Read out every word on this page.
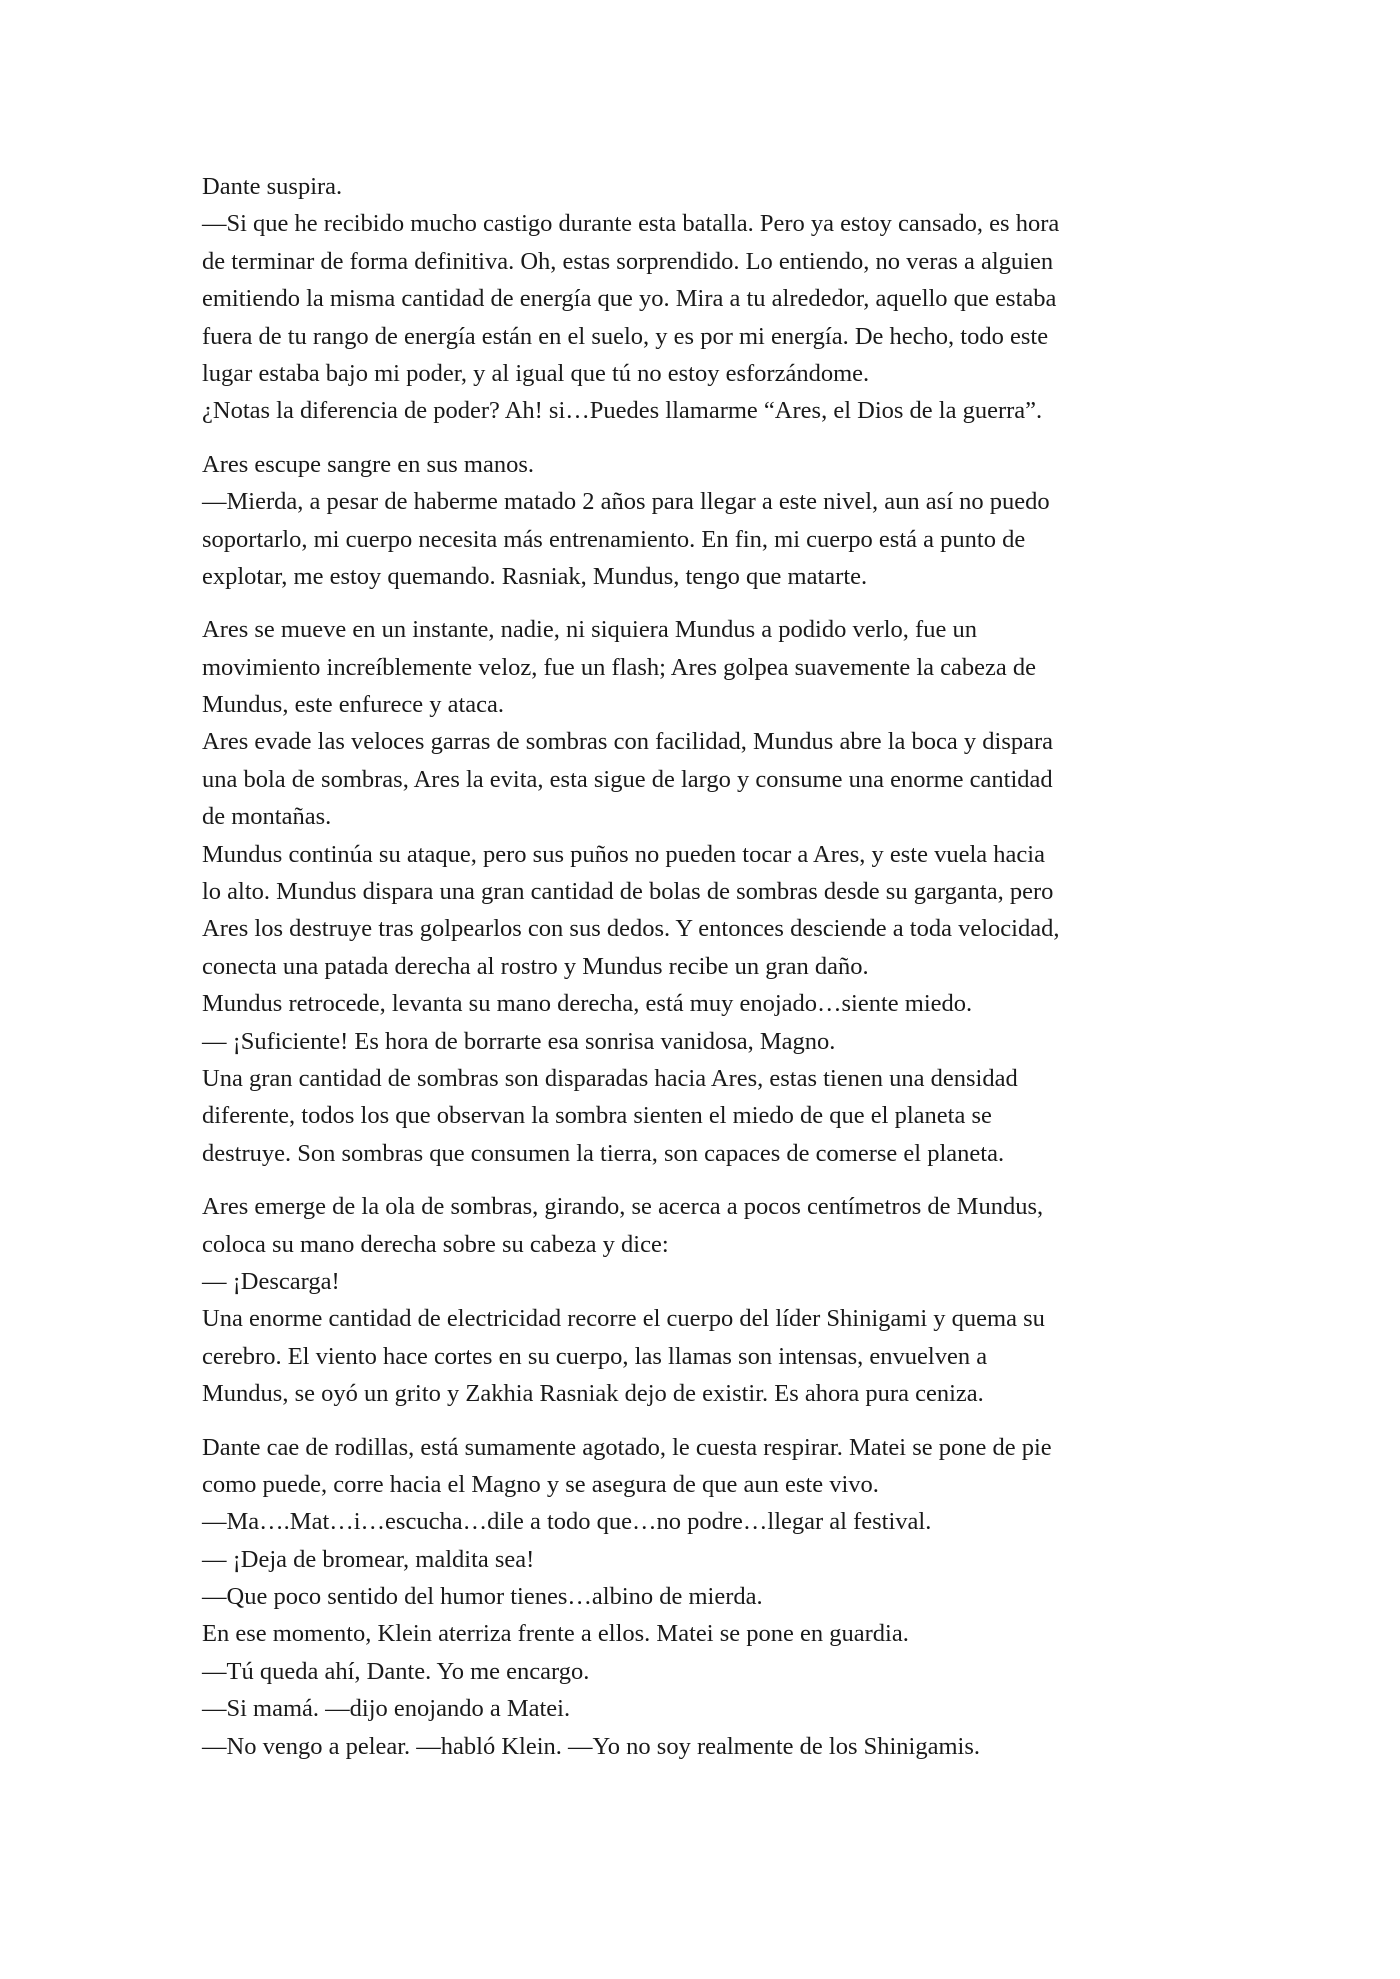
Dante suspira.
—Si que he recibido mucho castigo durante esta batalla. Pero ya estoy cansado, es hora
de terminar de forma definitiva. Oh, estas sorprendido. Lo entiendo, no veras a alguien
emitiendo la misma cantidad de energía que yo. Mira a tu alrededor, aquello que estaba
fuera de tu rango de energía están en el suelo, y es por mi energía. De hecho, todo este
lugar estaba bajo mi poder, y al igual que tú no estoy esforzándome.
¿Notas la diferencia de poder? Ah! si…Puedes llamarme “Ares, el Dios de la guerra”.
Ares escupe sangre en sus manos.
—Mierda, a pesar de haberme matado 2 años para llegar a este nivel, aun así no puedo
soportarlo, mi cuerpo necesita más entrenamiento. En fin, mi cuerpo está a punto de
explotar, me estoy quemando. Rasniak, Mundus, tengo que matarte.
Ares se mueve en un instante, nadie, ni siquiera Mundus a podido verlo, fue un
movimiento increíblemente veloz, fue un flash; Ares golpea suavemente la cabeza de
Mundus, este enfurece y ataca.
Ares evade las veloces garras de sombras con facilidad, Mundus abre la boca y dispara
una bola de sombras, Ares la evita, esta sigue de largo y consume una enorme cantidad
de montañas.
Mundus continúa su ataque, pero sus puños no pueden tocar a Ares, y este vuela hacia
lo alto. Mundus dispara una gran cantidad de bolas de sombras desde su garganta, pero
Ares los destruye tras golpearlos con sus dedos. Y entonces desciende a toda velocidad,
conecta una patada derecha al rostro y Mundus recibe un gran daño.
Mundus retrocede, levanta su mano derecha, está muy enojado…siente miedo.
— ¡Suficiente! Es hora de borrarte esa sonrisa vanidosa, Magno.
Una gran cantidad de sombras son disparadas hacia Ares, estas tienen una densidad
diferente, todos los que observan la sombra sienten el miedo de que el planeta se
destruye. Son sombras que consumen la tierra, son capaces de comerse el planeta.
Ares emerge de la ola de sombras, girando, se acerca a pocos centímetros de Mundus,
coloca su mano derecha sobre su cabeza y dice:
— ¡Descarga!
Una enorme cantidad de electricidad recorre el cuerpo del líder Shinigami y quema su
cerebro. El viento hace cortes en su cuerpo, las llamas son intensas, envuelven a
Mundus, se oyó un grito y Zakhia Rasniak dejo de existir. Es ahora pura ceniza.
Dante cae de rodillas, está sumamente agotado, le cuesta respirar. Matei se pone de pie
como puede, corre hacia el Magno y se asegura de que aun este vivo.
—Ma….Mat…i…escucha…dile a todo que…no podre…llegar al festival.
— ¡Deja de bromear, maldita sea!
—Que poco sentido del humor tienes…albino de mierda.
En ese momento, Klein aterriza frente a ellos. Matei se pone en guardia.
—Tú queda ahí, Dante. Yo me encargo.
—Si mamá. —dijo enojando a Matei.
—No vengo a pelear. —habló Klein. —Yo no soy realmente de los Shinigamis.
